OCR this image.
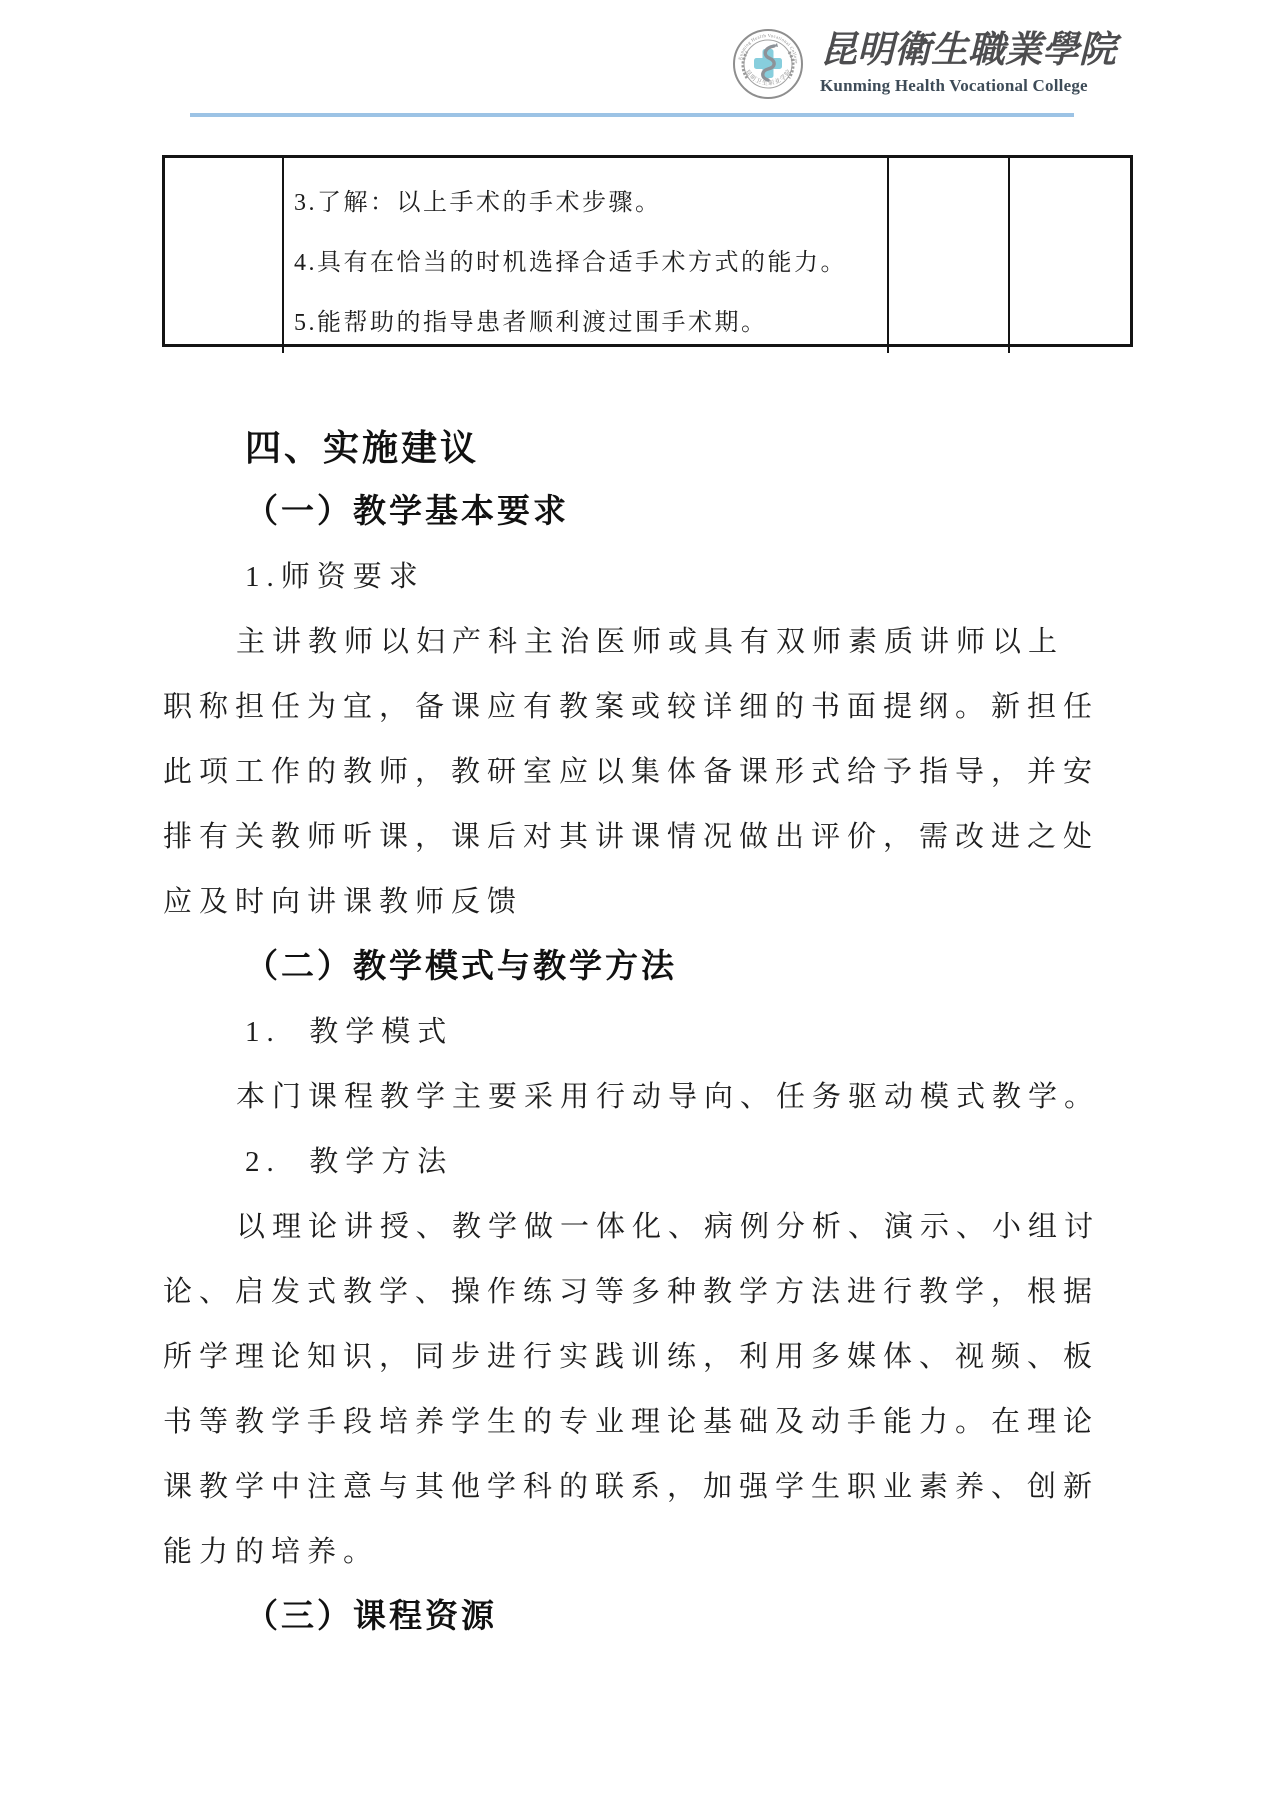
Kunming Health Vocational College
昆明卫生职业学院
昆明衛生職業學院
Kunming Health Vocational College
3.了解：以上手术的手术步骤。
4.具有在恰当的时机选择合适手术方式的能力。
5.能帮助的指导患者顺利渡过围手术期。
四、实施建议
（一）教学基本要求
1.师资要求
主讲教师以妇产科主治医师或具有双师素质讲师以上
职称担任为宜，备课应有教案或较详细的书面提纲。新担任
此项工作的教师，教研室应以集体备课形式给予指导，并安
排有关教师听课，课后对其讲课情况做出评价，需改进之处
应及时向讲课教师反馈
（二）教学模式与教学方法
1.  教学模式
本门课程教学主要采用行动导向、任务驱动模式教学。
2.  教学方法
以理论讲授、教学做一体化、病例分析、演示、小组讨
论、启发式教学、操作练习等多种教学方法进行教学，根据
所学理论知识，同步进行实践训练，利用多媒体、视频、板
书等教学手段培养学生的专业理论基础及动手能力。在理论
课教学中注意与其他学科的联系，加强学生职业素养、创新
能力的培养。
（三）课程资源
